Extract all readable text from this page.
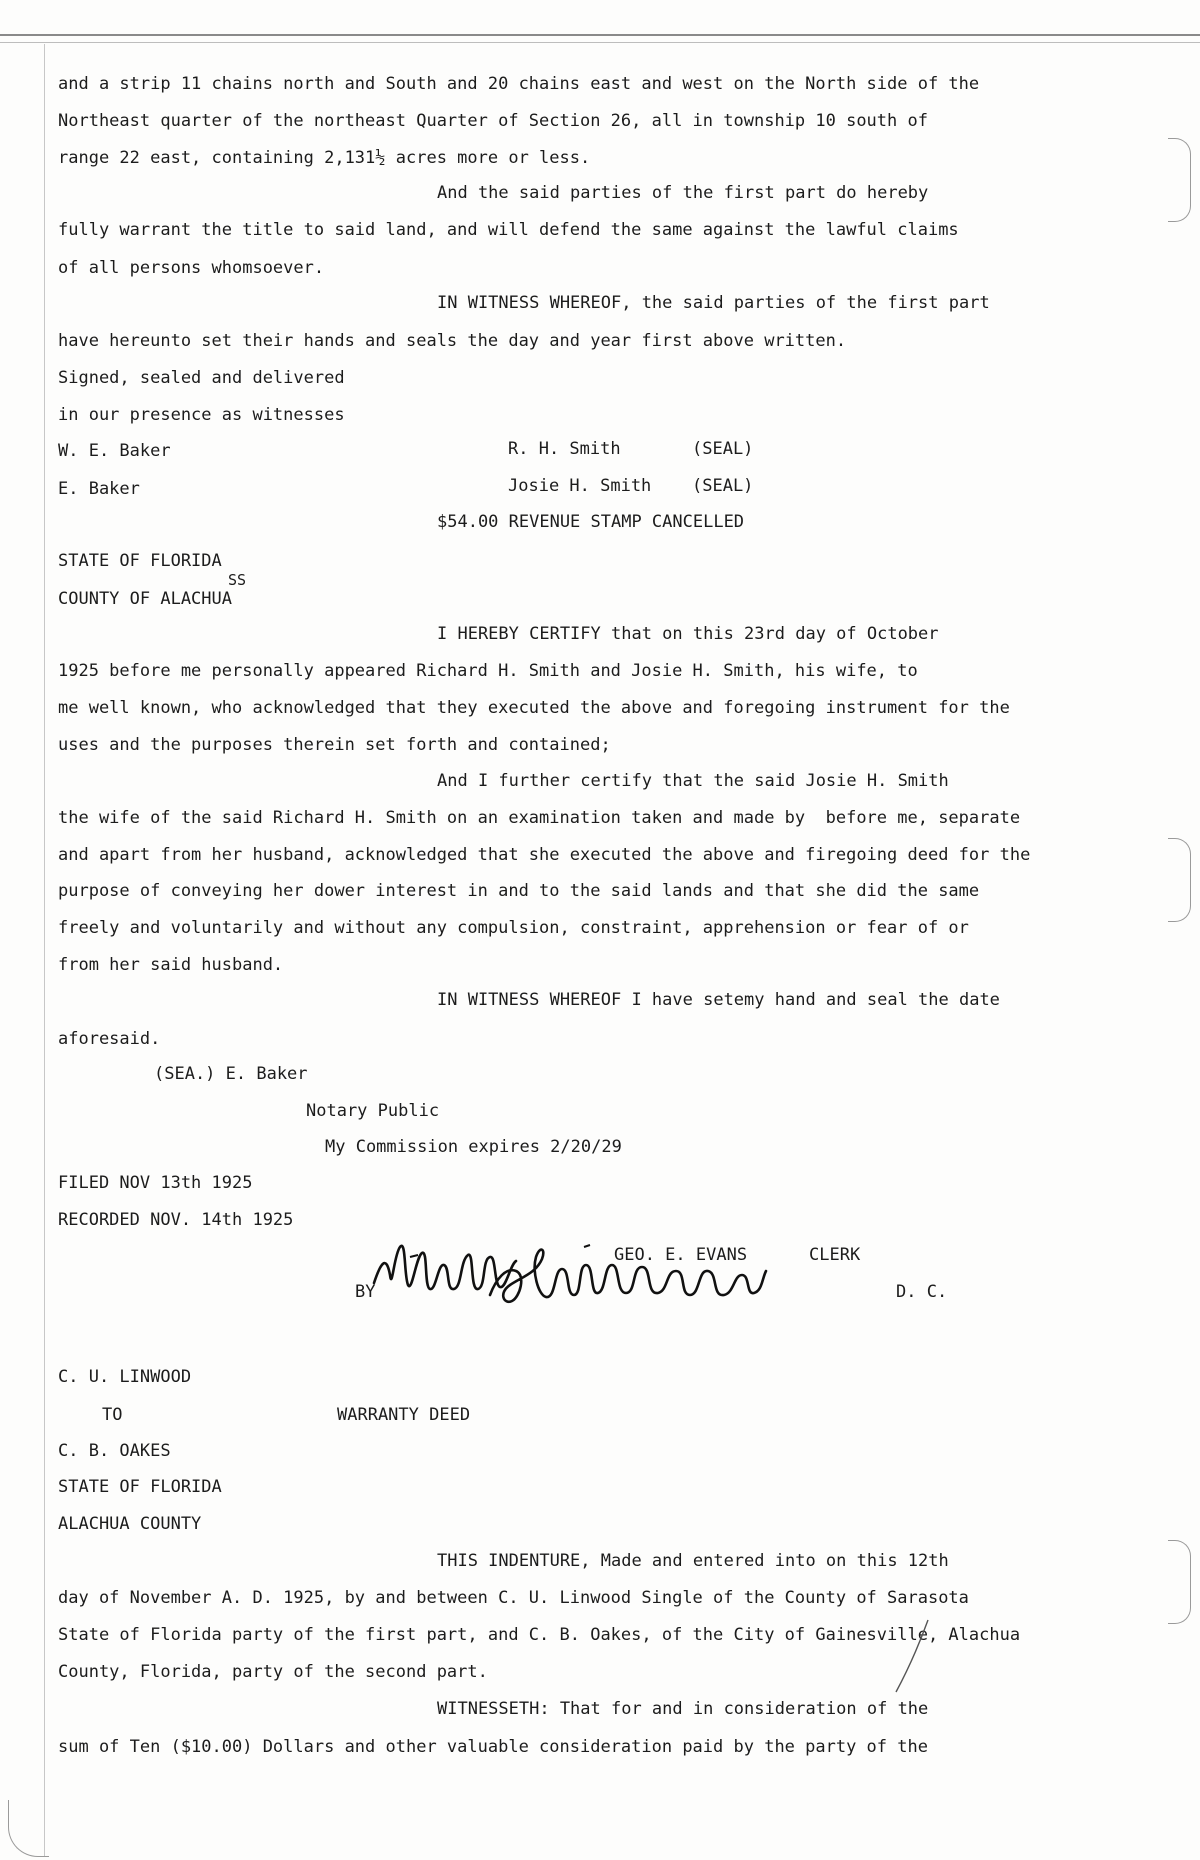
and a strip 11 chains north and South and 20 chains east and west on the North side of the
Northeast quarter of the northeast Quarter of Section 26, all in township 10 south of
range 22 east, containing 2,131½ acres more or less.
And the said parties of the first part do hereby
fully warrant the title to said land, and will defend the same against the lawful claims
of all persons whomsoever.
IN WITNESS WHEREOF, the said parties of the first part
have hereunto set their hands and seals the day and year first above written.
Signed, sealed and delivered
in our presence as witnesses
W. E. Baker	R. H. Smith	(SEAL)
E. Baker	Josie H. Smith (SEAL)
$54.00 REVENUE STAMP CANCELLED
STATE OF FLORIDA
SS
COUNTY OF ALACHUA
I HEREBY CERTIFY that on this 23rd day of October
1925 before me personally appeared Richard H. Smith and Josie H. Smith, his wife, to
me well known, who acknowledged that they executed the above and foregoing instrument for the
uses and the purposes therein set forth and contained;
And I further certify that the said Josie H. Smith
the wife of the said Richard H. Smith on an examination taken and made by  before me, separate
and apart from her husband, acknowledged that she executed the above and firegoing deed for the
purpose of conveying her dower interest in and to the said lands and that she did the same
freely and voluntarily and without any compulsion, constraint, apprehension or fear of or
from her said husband.
IN WITNESS WHEREOF I have setemy hand and seal the date
aforesaid.
(SEA.) E. Baker
Notary Public
My Commission expires 2/20/29
FILED NOV 13th 1925
RECORDED NOV. 14th 1925
GEO. E. EVANS	CLERK
BY	D. C.
C. U. LINWOOD
TO	WARRANTY DEED
C. B. OAKES
STATE OF FLORIDA
ALACHUA COUNTY
THIS INDENTURE, Made and entered into on this 12th
day of November A. D. 1925, by and between C. U. Linwood Single of the County of Sarasota
State of Florida party of the first part, and C. B. Oakes, of the City of Gainesville, Alachua
County, Florida, party of the second part.
WITNESSETH: That for and in consideration of the
sum of Ten ($10.00) Dollars and other valuable consideration paid by the party of the
